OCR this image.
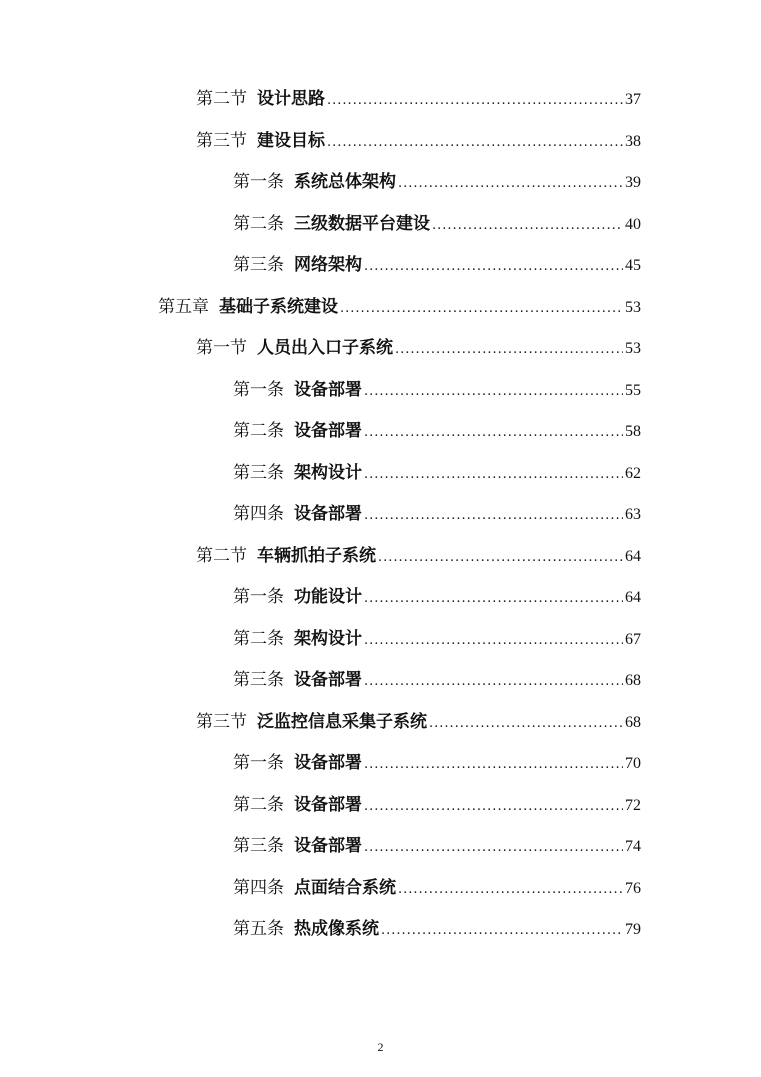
第二节 设计思路 .....	37
第三节 建设目标 .....	38
第一条 系统总体架构 .....	39
第二条 三级数据平台建设 .....	40
第三条 网络架构 .....	45
第五章 基础子系统建设 .....	53
第一节 人员出入口子系统 .....	53
第一条 设备部署 .....	55
第二条 设备部署 .....	58
第三条 架构设计 .....	62
第四条 设备部署 .....	63
第二节 车辆抓拍子系统 .....	64
第一条 功能设计 .....	64
第二条 架构设计 .....	67
第三条 设备部署 .....	68
第三节 泛监控信息采集子系统 .....	68
第一条 设备部署 .....	70
第二条 设备部署 .....	72
第三条 设备部署 .....	74
第四条 点面结合系统 .....	76
第五条 热成像系统 .....	79
2
